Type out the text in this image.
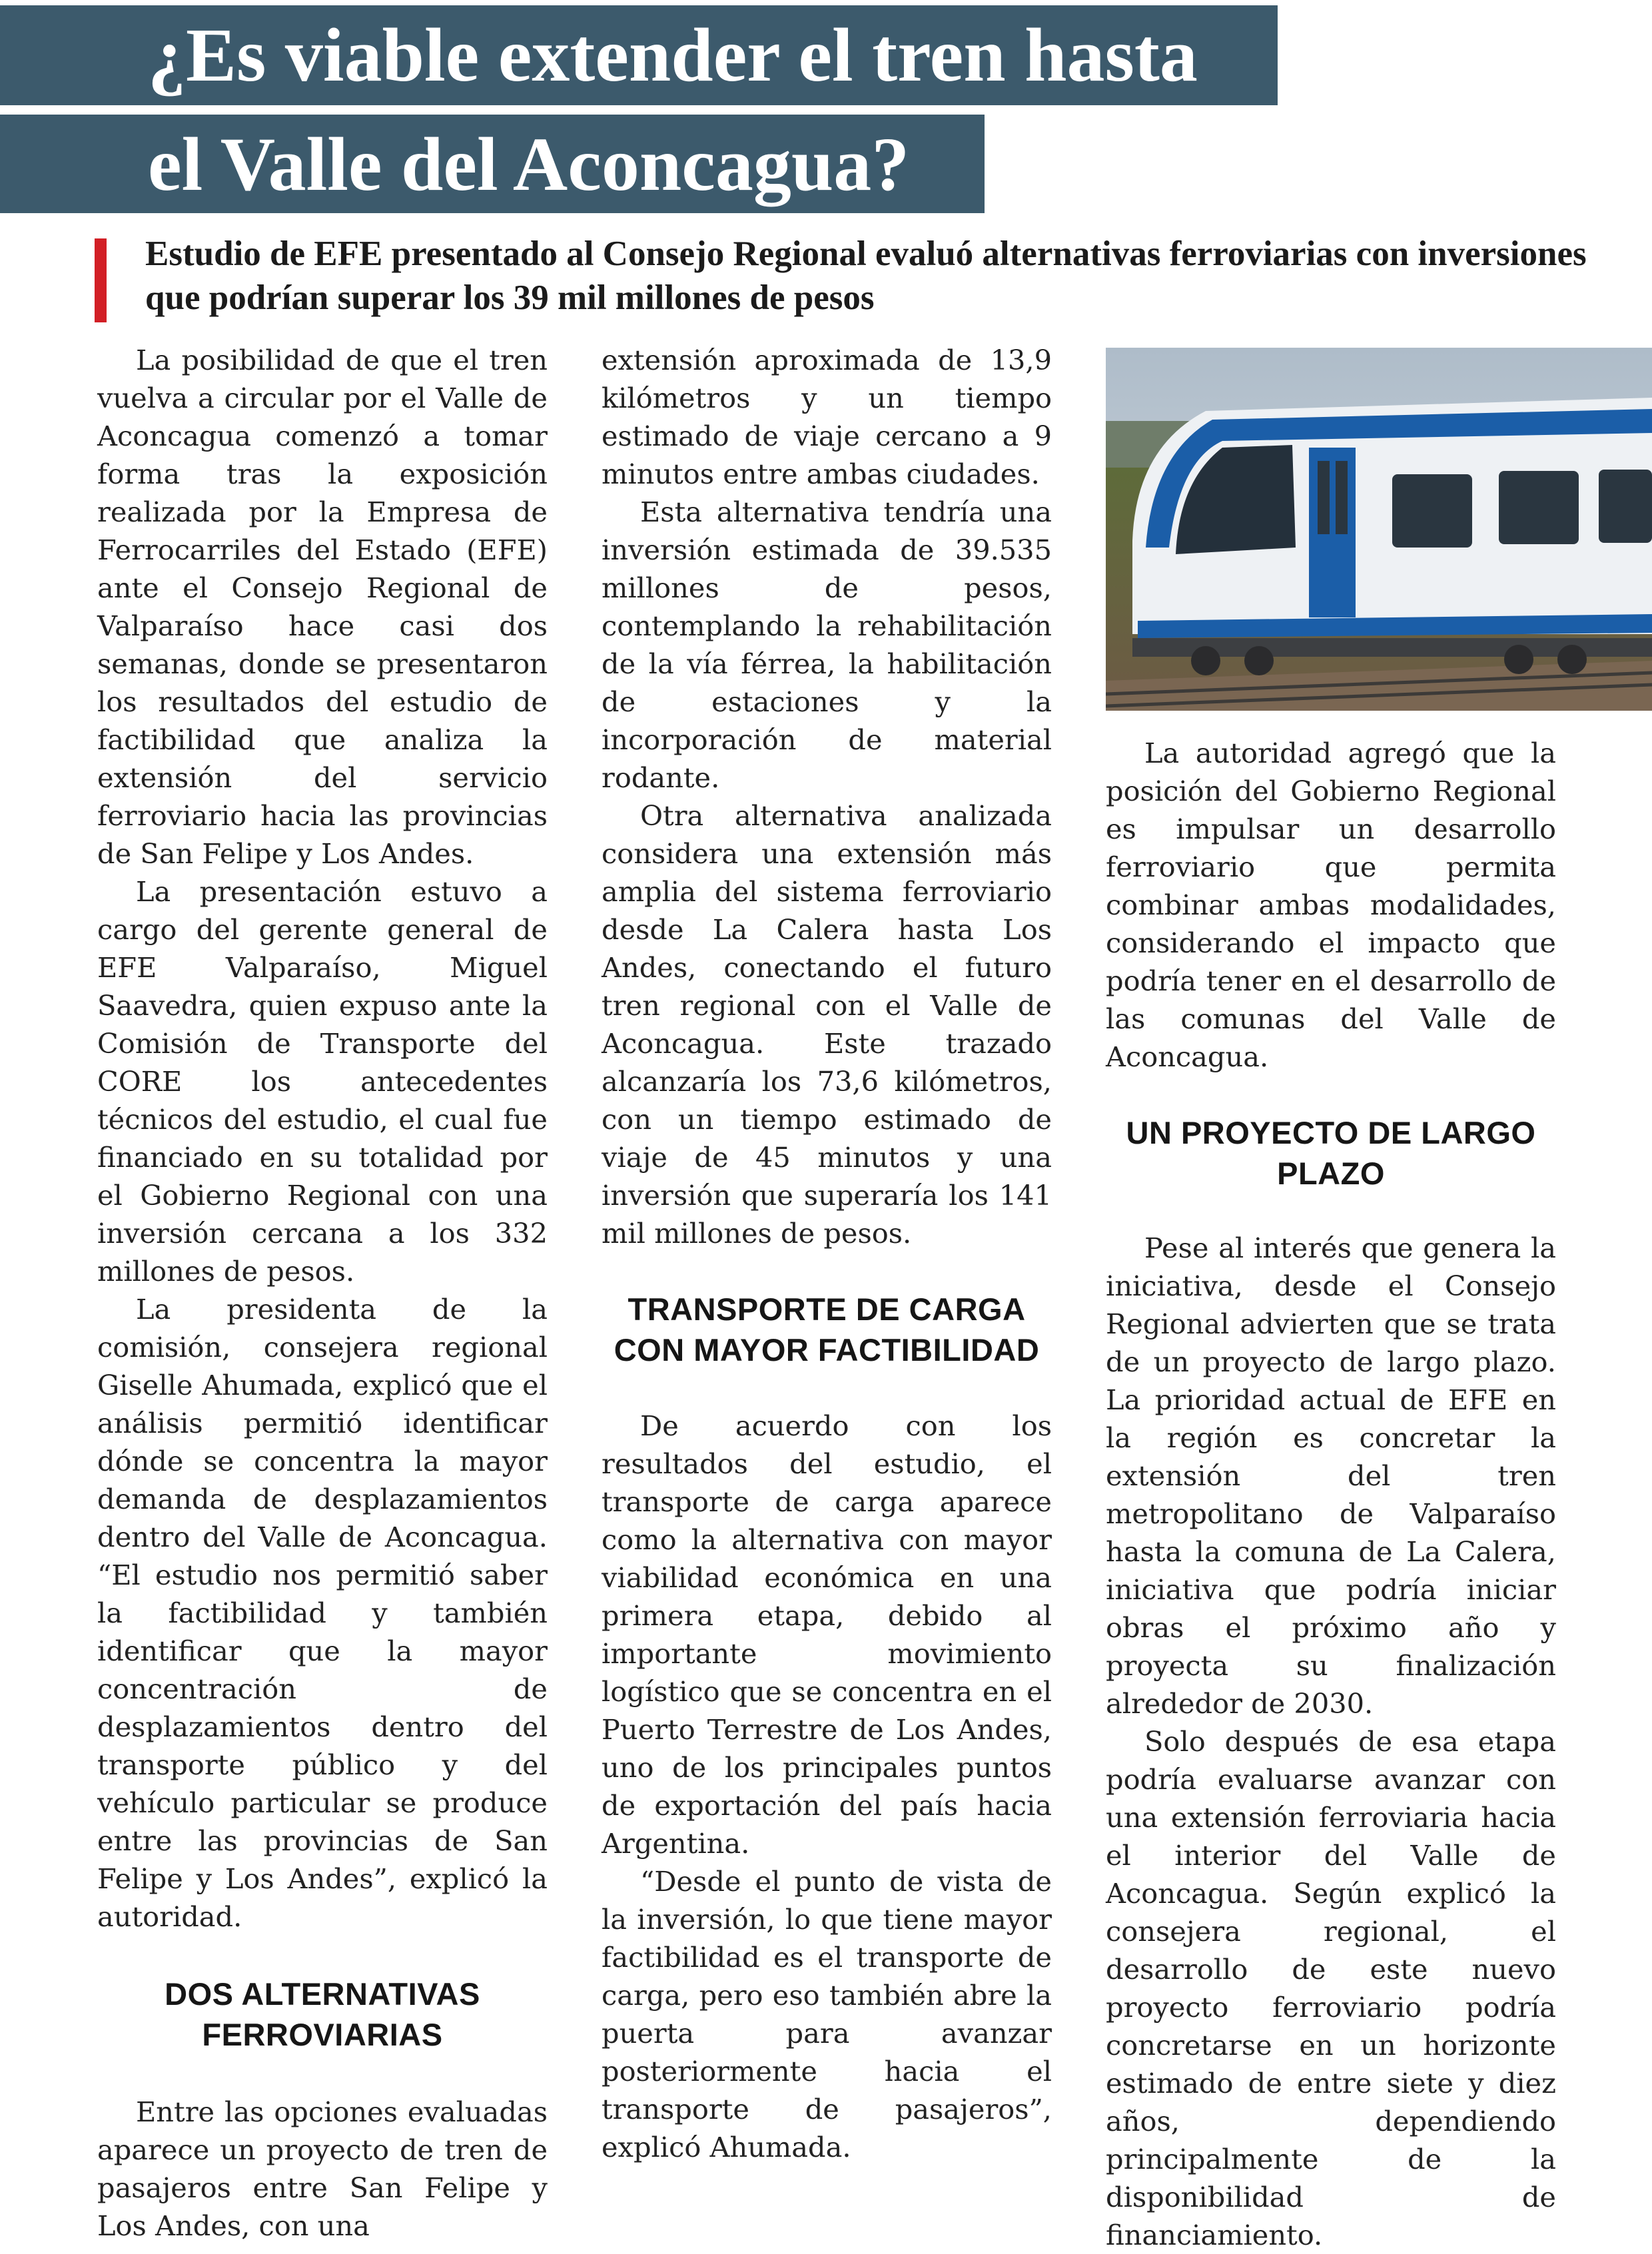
¿Es viable extender el tren hasta
el Valle del Aconcagua?
Estudio de EFE presentado al Consejo Regional evaluó alternativas ferroviarias con inversiones que podrían superar los 39 mil millones de pesos

La posibilidad de que el tren vuelva a circular por el Valle de Aconcagua comenzó a tomar forma tras la exposición realizada por la Empresa de Ferrocarriles del Estado (EFE) ante el Consejo Regional de Valparaíso hace casi dos semanas, donde se presentaron los resultados del estudio de factibilidad que analiza la extensión del servicio ferroviario hacia las provincias de San Felipe y Los Andes.

La presentación estuvo a cargo del gerente general de EFE Valparaíso, Miguel Saavedra, quien expuso ante la Comisión de Transporte del CORE los antecedentes técnicos del estudio, el cual fue financiado en su totalidad por el Gobierno Regional con una inversión cercana a los 332 millones de pesos.

La presidenta de la comisión, consejera regional Giselle Ahumada, explicó que el análisis permitió identificar dónde se concentra la mayor demanda de desplazamientos dentro del Valle de Aconcagua. “El estudio nos permitió saber la factibilidad y también identificar que la mayor concentración de desplazamientos dentro del transporte público y del vehículo particular se produce entre las provincias de San Felipe y Los Andes”, explicó la autoridad.

DOS ALTERNATIVAS FERROVIARIAS

Entre las opciones evaluadas aparece un proyecto de tren de pasajeros entre San Felipe y Los Andes, con una

extensión aproximada de 13,9 kilómetros y un tiempo estimado de viaje cercano a 9 minutos entre ambas ciudades.

Esta alternativa tendría una inversión estimada de 39.535 millones de pesos, contemplando la rehabilitación de la vía férrea, la habilitación de estaciones y la incorporación de material rodante.

Otra alternativa analizada considera una extensión más amplia del sistema ferroviario desde La Calera hasta Los Andes, conectando el futuro tren regional con el Valle de Aconcagua. Este trazado alcanzaría los 73,6 kilómetros, con un tiempo estimado de viaje de 45 minutos y una inversión que superaría los 141 mil millones de pesos.

TRANSPORTE DE CARGA CON MAYOR FACTIBILIDAD

De acuerdo con los resultados del estudio, el transporte de carga aparece como la alternativa con mayor viabilidad económica en una primera etapa, debido al importante movimiento logístico que se concentra en el Puerto Terrestre de Los Andes, uno de los principales puntos de exportación del país hacia Argentina.

“Desde el punto de vista de la inversión, lo que tiene mayor factibilidad es el transporte de carga, pero eso también abre la puerta para avanzar posteriormente hacia el transporte de pasajeros”, explicó Ahumada.

La autoridad agregó que la posición del Gobierno Regional es impulsar un desarrollo ferroviario que permita combinar ambas modalidades, considerando el impacto que podría tener en el desarrollo de las comunas del Valle de Aconcagua.

UN PROYECTO DE LARGO PLAZO

Pese al interés que genera la iniciativa, desde el Consejo Regional advierten que se trata de un proyecto de largo plazo. La prioridad actual de EFE en la región es concretar la extensión del tren metropolitano de Valparaíso hasta la comuna de La Calera, iniciativa que podría iniciar obras el próximo año y proyecta su finalización alrededor de 2030.

Solo después de esa etapa podría evaluarse avanzar con una extensión ferroviaria hacia el interior del Valle de Aconcagua. Según explicó la consejera regional, el desarrollo de este nuevo proyecto ferroviario podría concretarse en un horizonte estimado de entre siete y diez años, dependiendo principalmente de la disponibilidad de financiamiento.
